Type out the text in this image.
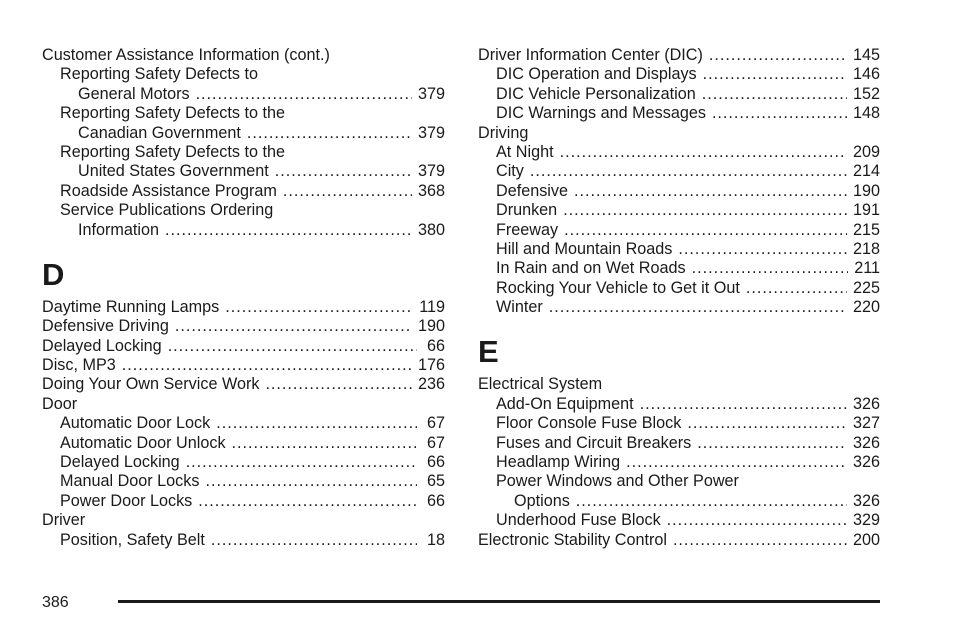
Customer Assistance Information (cont.)
Reporting Safety Defects to
General Motors .....	379
Reporting Safety Defects to the
Canadian Government .....	379
Reporting Safety Defects to the
United States Government .....	379
Roadside Assistance Program .....	368
Service Publications Ordering
Information .....	380
D
Daytime Running Lamps .....	119
Defensive Driving .....	190
Delayed Locking .....	66
Disc, MP3 .....	176
Doing Your Own Service Work .....	236
Door
Automatic Door Lock .....	67
Automatic Door Unlock .....	67
Delayed Locking .....	66
Manual Door Locks .....	65
Power Door Locks .....	66
Driver
Position, Safety Belt .....	18
Driver Information Center (DIC) .....	145
DIC Operation and Displays .....	146
DIC Vehicle Personalization .....	152
DIC Warnings and Messages .....	148
Driving
At Night .....	209
City .....	214
Defensive .....	190
Drunken .....	191
Freeway .....	215
Hill and Mountain Roads .....	218
In Rain and on Wet Roads .....	211
Rocking Your Vehicle to Get it Out .....	225
Winter .....	220
E
Electrical System
Add-On Equipment .....	326
Floor Console Fuse Block .....	327
Fuses and Circuit Breakers .....	326
Headlamp Wiring .....	326
Power Windows and Other Power
Options .....	326
Underhood Fuse Block .....	329
Electronic Stability Control .....	200
386
